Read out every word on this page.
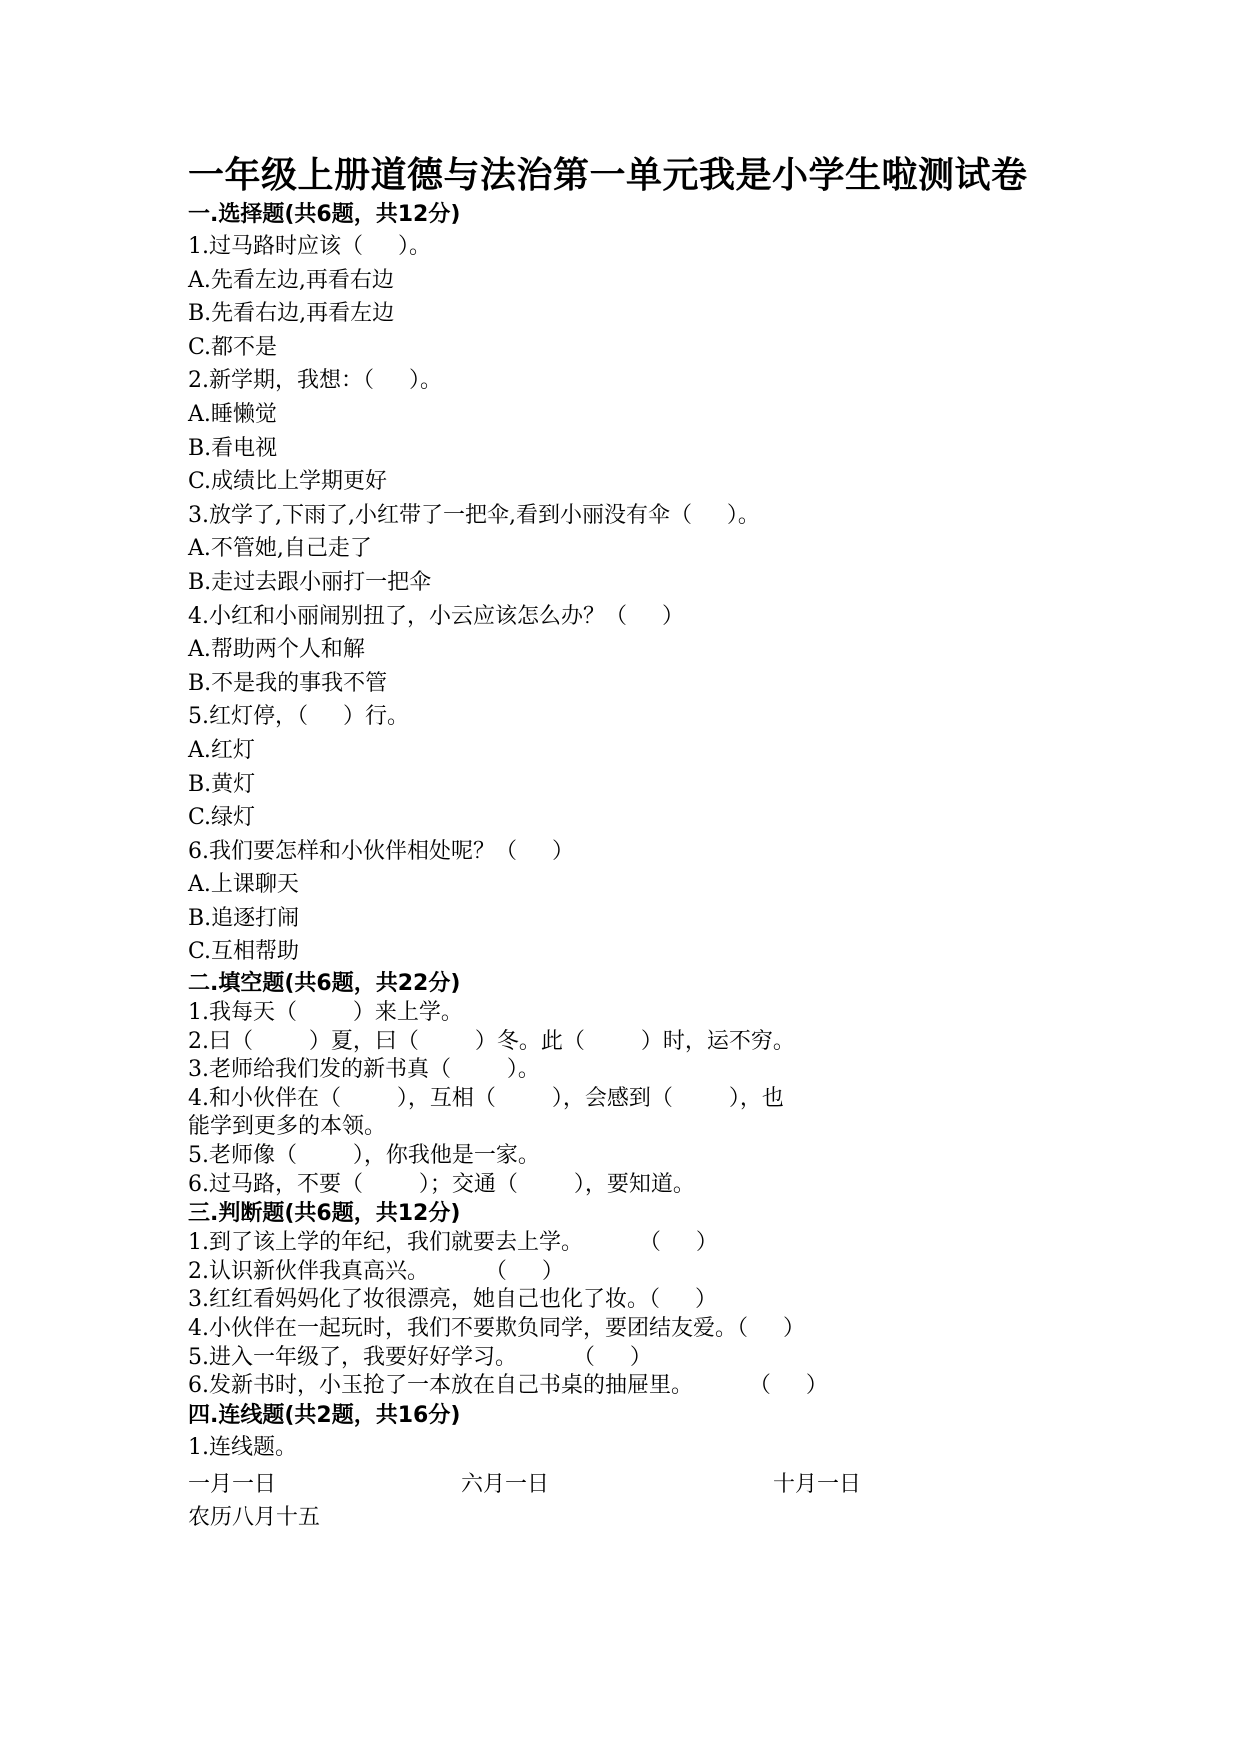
一年级上册道德与法治第一单元我是小学生啦测试卷
一.选择题(共6题，共12分)
1.过马路时应该（     ）。
A.先看左边,再看右边
B.先看右边,再看左边
C.都不是
2.新学期，我想：（     ）。
A.睡懒觉
B.看电视
C.成绩比上学期更好
3.放学了,下雨了,小红带了一把伞,看到小丽没有伞（     ）。
A.不管她,自己走了
B.走过去跟小丽打一把伞
4.小红和小丽闹别扭了，小云应该怎么办？（     ）
A.帮助两个人和解
B.不是我的事我不管
5.红灯停，（     ）行。
A.红灯
B.黄灯
C.绿灯
6.我们要怎样和小伙伴相处呢？（     ）
A.上课聊天
B.追逐打闹
C.互相帮助
二.填空题(共6题，共22分)
1.我每天（        ）来上学。
2.曰（        ）夏，曰（        ）冬。此（        ）时，运不穷。
3.老师给我们发的新书真（        ）。
4.和小伙伴在（        ），互相（        ），会感到（        ），也
能学到更多的本领。
5.老师像（        ），你我他是一家。
6.过马路，不要（        ）；交通（        ），要知道。
三.判断题(共6题，共12分)
1.到了该上学的年纪，我们就要去上学。        （     ）
2.认识新伙伴我真高兴。        （     ）
3.红红看妈妈化了妆很漂亮，她自己也化了妆。（     ）
4.小伙伴在一起玩时，我们不要欺负同学，要团结友爱。（     ）
5.进入一年级了，我要好好学习。        （     ）
6.发新书时，小玉抢了一本放在自己书桌的抽屉里。        （     ）
四.连线题(共2题，共16分)
1.连线题。
一月一日	六月一日	十月一日
农历八月十五
